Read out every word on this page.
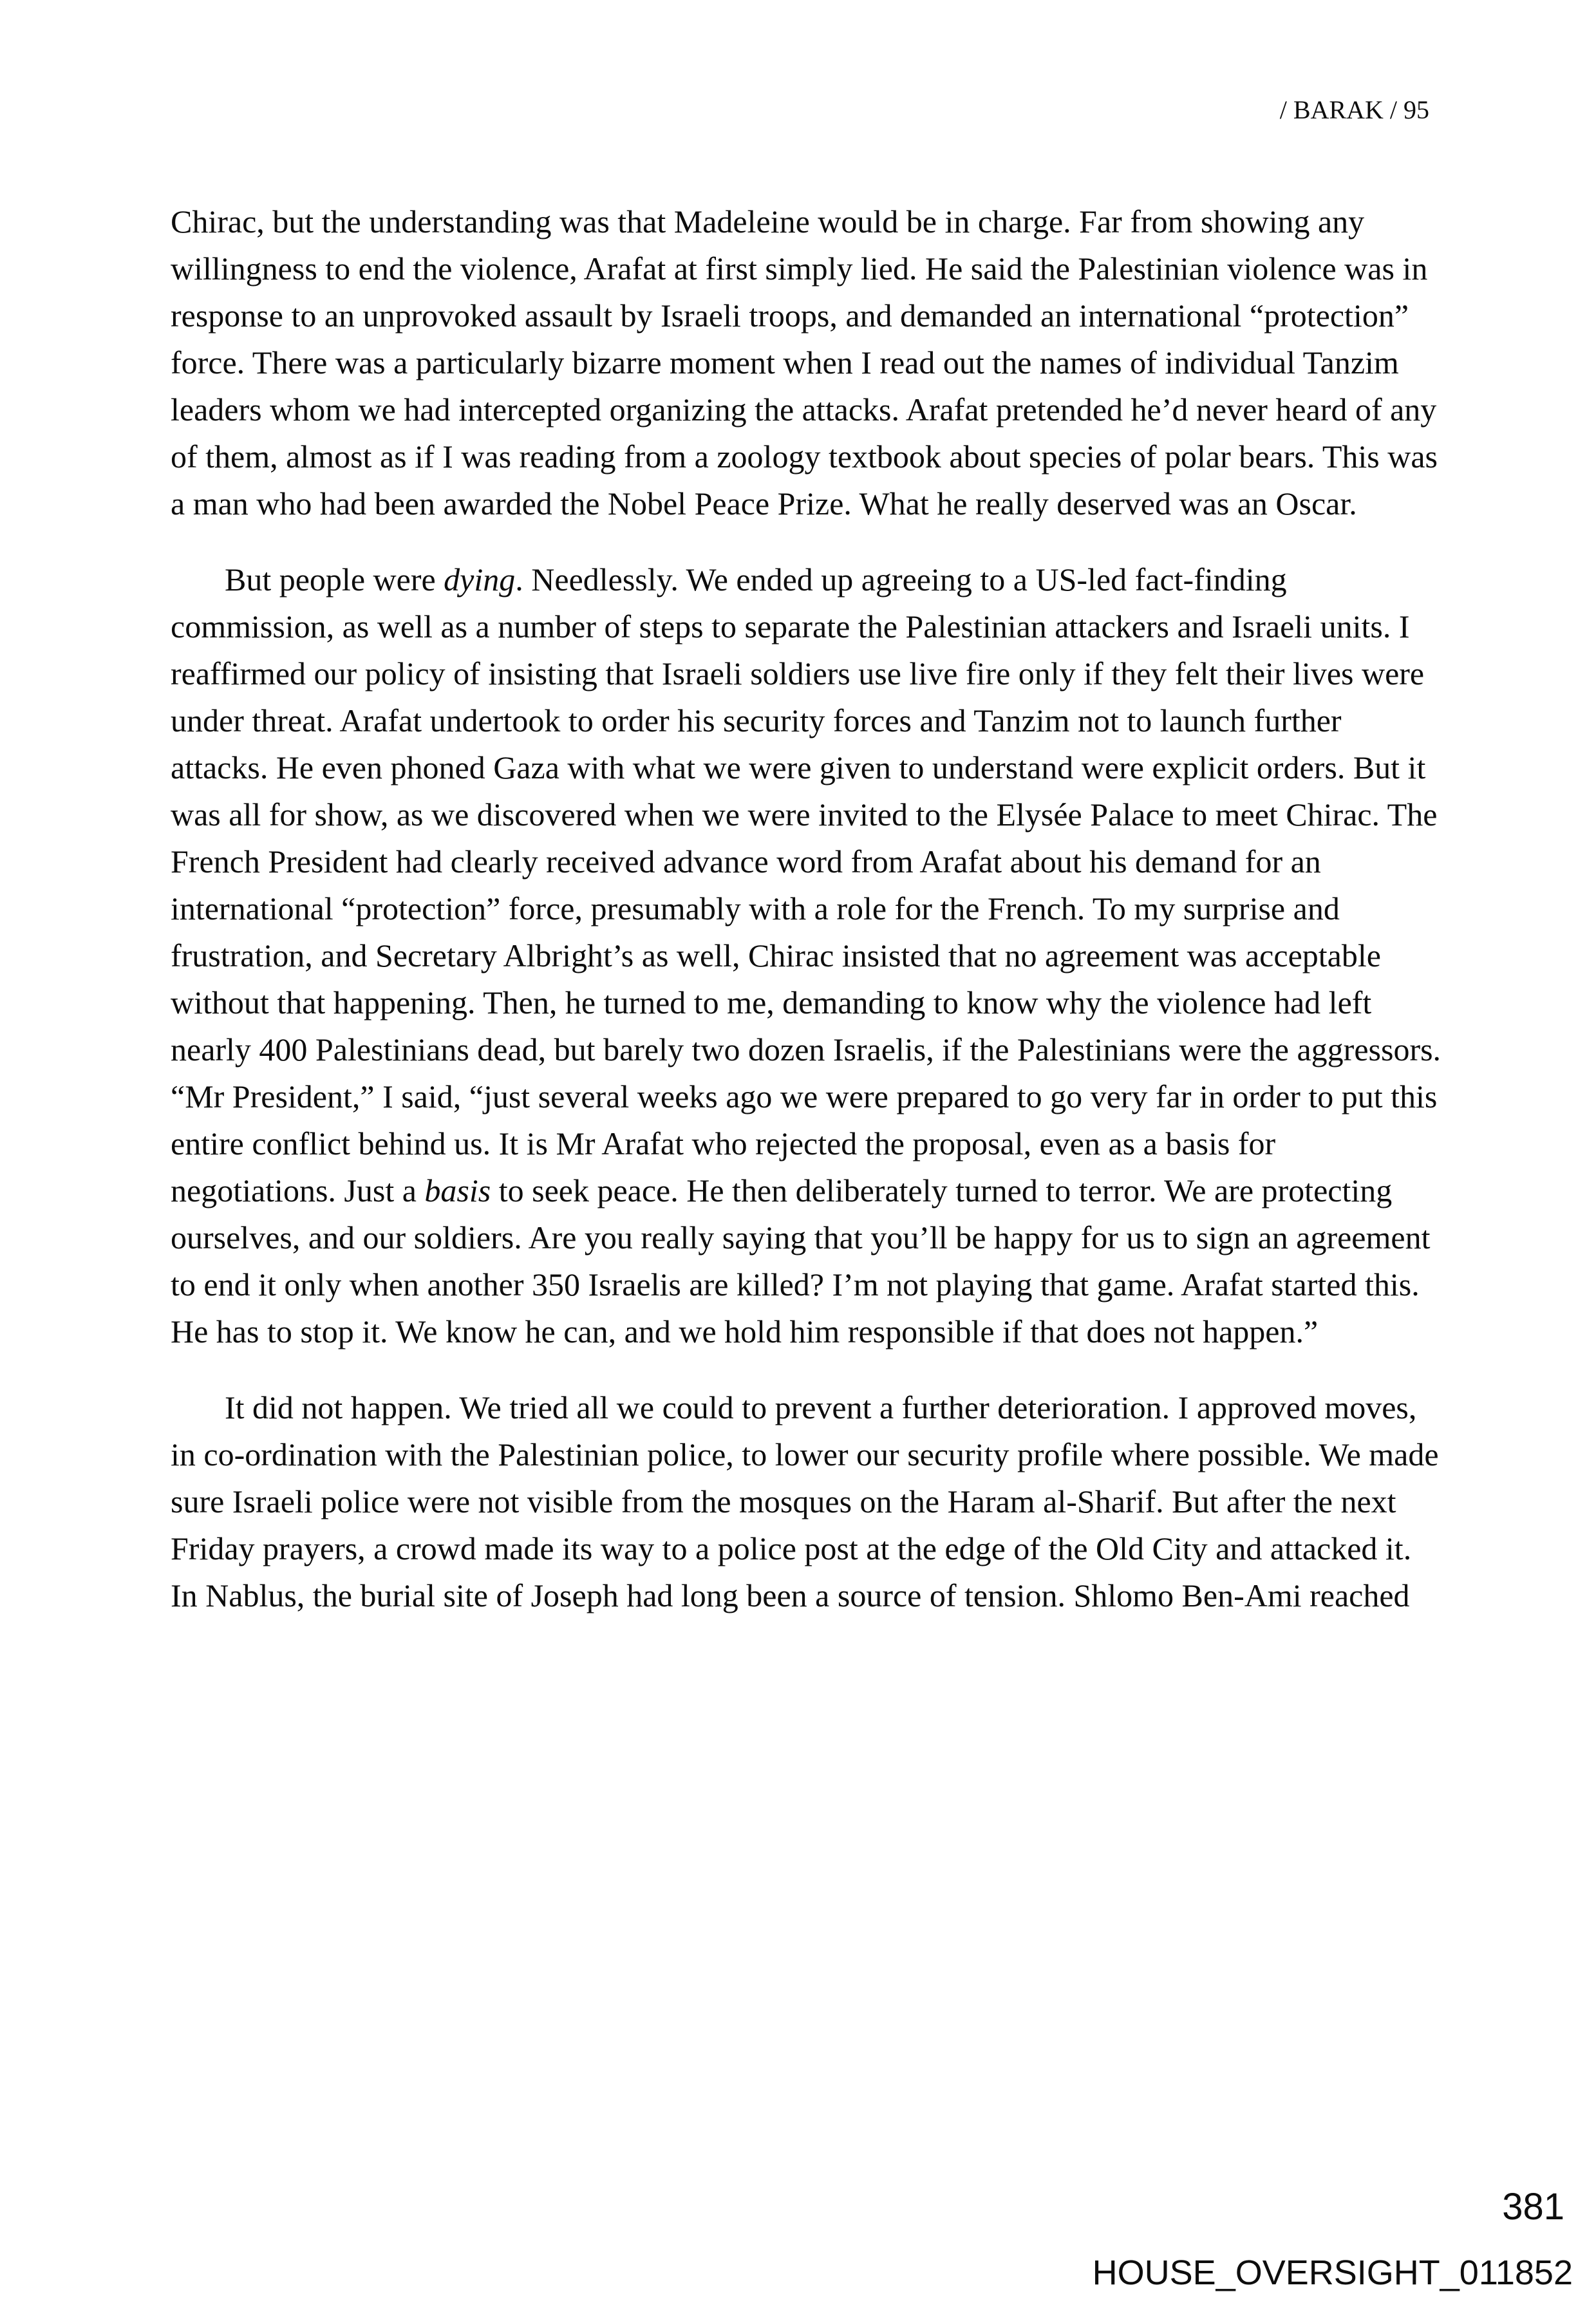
/ BARAK / 95

Chirac, but the understanding was that Madeleine would be in charge. Far from showing any willingness to end the violence, Arafat at first simply lied. He said the Palestinian violence was in response to an unprovoked assault by Israeli troops, and demanded an international “protection” force. There was a particularly bizarre moment when I read out the names of individual Tanzim leaders whom we had intercepted organizing the attacks. Arafat pretended he’d never heard of any of them, almost as if I was reading from a zoology textbook about species of polar bears. This was a man who had been awarded the Nobel Peace Prize. What he really deserved was an Oscar.

But people were dying. Needlessly. We ended up agreeing to a US-led fact-finding commission, as well as a number of steps to separate the Palestinian attackers and Israeli units. I reaffirmed our policy of insisting that Israeli soldiers use live fire only if they felt their lives were under threat. Arafat undertook to order his security forces and Tanzim not to launch further attacks. He even phoned Gaza with what we were given to understand were explicit orders. But it was all for show, as we discovered when we were invited to the Elysée Palace to meet Chirac. The French President had clearly received advance word from Arafat about his demand for an international “protection” force, presumably with a role for the French. To my surprise and frustration, and Secretary Albright’s as well, Chirac insisted that no agreement was acceptable without that happening. Then, he turned to me, demanding to know why the violence had left nearly 400 Palestinians dead, but barely two dozen Israelis, if the Palestinians were the aggressors. “Mr President,” I said, “just several weeks ago we were prepared to go very far in order to put this entire conflict behind us. It is Mr Arafat who rejected the proposal, even as a basis for negotiations. Just a basis to seek peace. He then deliberately turned to terror. We are protecting ourselves, and our soldiers. Are you really saying that you’ll be happy for us to sign an agreement to end it only when another 350 Israelis are killed? I’m not playing that game. Arafat started this. He has to stop it. We know he can, and we hold him responsible if that does not happen.”

It did not happen. We tried all we could to prevent a further deterioration. I approved moves, in co-ordination with the Palestinian police, to lower our security profile where possible. We made sure Israeli police were not visible from the mosques on the Haram al-Sharif. But after the next Friday prayers, a crowd made its way to a police post at the edge of the Old City and attacked it. In Nablus, the burial site of Joseph had long been a source of tension. Shlomo Ben-Ami reached

381
HOUSE_OVERSIGHT_011852
